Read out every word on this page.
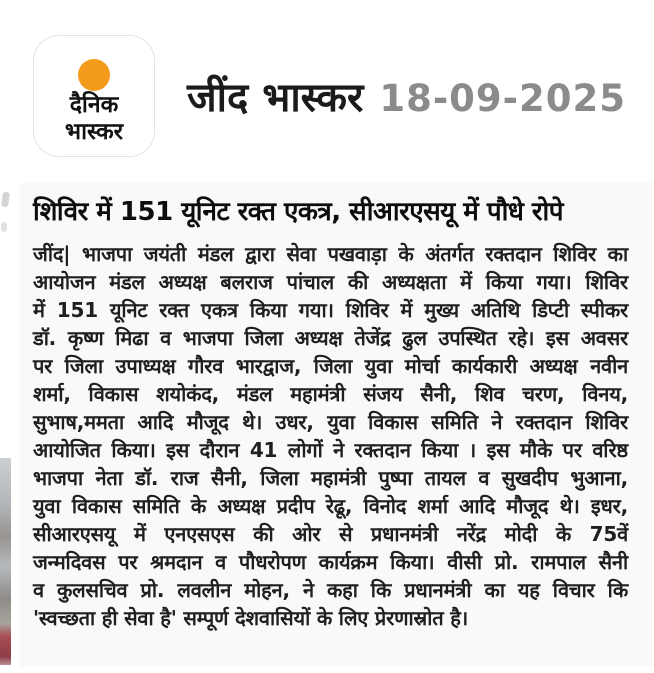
दैनिक
भास्कर
जींद भास्कर 18-09-2025
शिविर में 151 यूनिट रक्त एकत्र, सीआरएसयू में पौधे रोपे
जींद| भाजपा जयंती मंडल द्वारा सेवा पखवाड़ा के अंतर्गत रक्तदान शिविर का
आयोजन मंडल अध्यक्ष बलराज पांचाल की अध्यक्षता में किया गया। शिविर
में 151 यूनिट रक्त एकत्र किया गया। शिविर में मुख्य अतिथि डिप्टी स्पीकर
डॉ. कृष्ण मिढा व भाजपा जिला अध्यक्ष तेजेंद्र ढुल उपस्थित रहे। इस अवसर
पर जिला उपाध्यक्ष गौरव भारद्वाज, जिला युवा मोर्चा कार्यकारी अध्यक्ष नवीन
शर्मा, विकास शयोकंद, मंडल महामंत्री संजय सैनी, शिव चरण, विनय,
सुभाष,ममता आदि मौजूद थे। उधर, युवा विकास समिति ने रक्तदान शिविर
आयोजित किया। इस दौरान 41 लोगों ने रक्तदान किया । इस मौके पर वरिष्ठ
भाजपा नेता डॉ. राज सैनी, जिला महामंत्री पुष्पा तायल व सुखदीप भुआना,
युवा विकास समिति के अध्यक्ष प्रदीप रेढू, विनोद शर्मा आदि मौजूद थे। इधर,
सीआरएसयू में एनएसएस की ओर से प्रधानमंत्री नरेंद्र मोदी के 75वें
जन्मदिवस पर श्रमदान व पौधरोपण कार्यक्रम किया। वीसी प्रो. रामपाल सैनी
व कुलसचिव प्रो. लवलीन मोहन, ने कहा कि प्रधानमंत्री का यह विचार कि
'स्वच्छता ही सेवा है' सम्पूर्ण देशवासियों के लिए प्रेरणास्रोत है।
